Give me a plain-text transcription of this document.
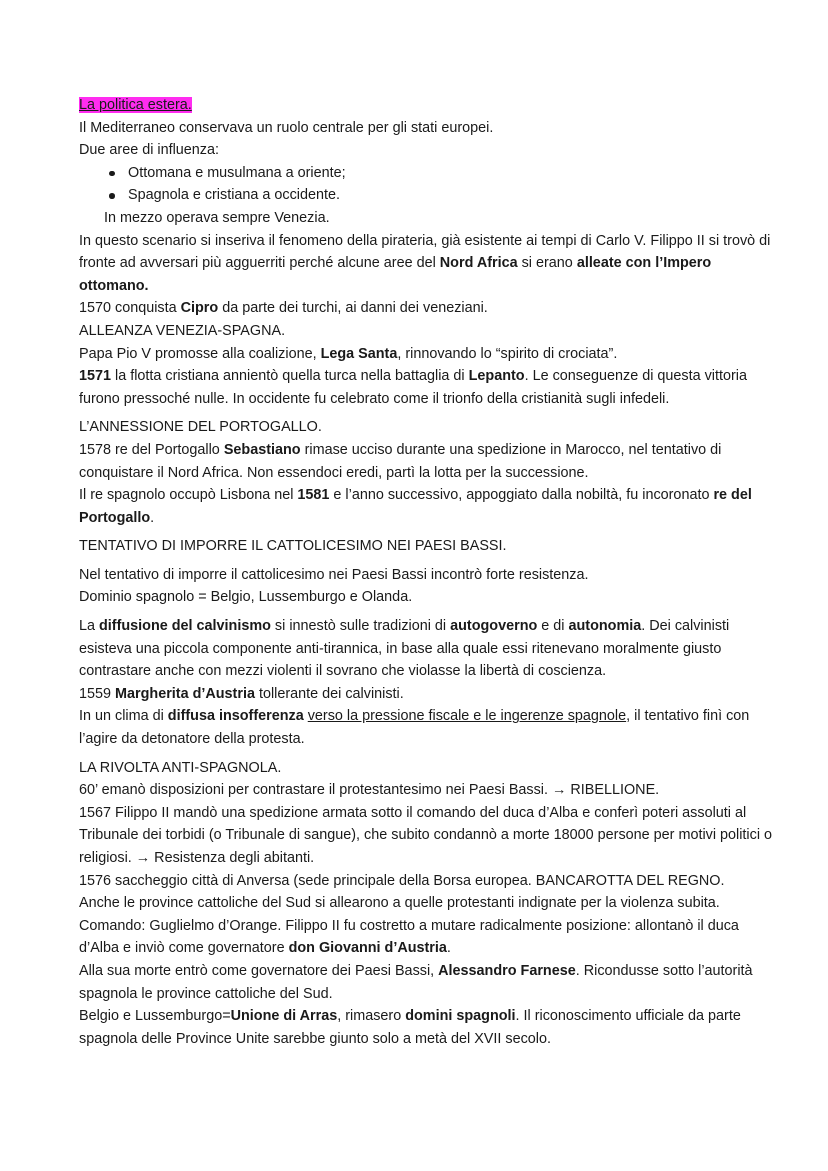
La politica estera.

Il Mediterraneo conservava un ruolo centrale per gli stati europei.

Due aree di influenza:

Ottomana e musulmana a oriente;
Spagnola e cristiana a occidente.

In mezzo operava sempre Venezia.

In questo scenario si inseriva il fenomeno della pirateria, già esistente ai tempi di Carlo V. Filippo II si trovò di fronte ad avversari più agguerriti perché alcune aree del Nord Africa si erano alleate con l’Impero ottomano.

1570 conquista Cipro da parte dei turchi, ai danni dei veneziani.

ALLEANZA VENEZIA-SPAGNA.

Papa Pio V promosse alla coalizione, Lega Santa, rinnovando lo “spirito di crociata”.

1571 la flotta cristiana annientò quella turca nella battaglia di Lepanto. Le conseguenze di questa vittoria furono pressoché nulle. In occidente fu celebrato come il trionfo della cristianità sugli infedeli.

L’ANNESSIONE DEL PORTOGALLO.

1578 re del Portogallo Sebastiano rimase ucciso durante una spedizione in Marocco, nel tentativo di conquistare il Nord Africa. Non essendoci eredi, partì la lotta per la successione.

Il re spagnolo occupò Lisbona nel 1581 e l’anno successivo, appoggiato dalla nobiltà, fu incoronato re del Portogallo.

TENTATIVO DI IMPORRE IL CATTOLICESIMO NEI PAESI BASSI.

Nel tentativo di imporre il cattolicesimo nei Paesi Bassi incontrò forte resistenza.

Dominio spagnolo = Belgio, Lussemburgo e Olanda.

La diffusione del calvinismo si innestò sulle tradizioni di autogoverno e di autonomia. Dei calvinisti esisteva una piccola componente anti-tirannica, in base alla quale essi ritenevano moralmente giusto contrastare anche con mezzi violenti il sovrano che violasse la libertà di coscienza.

1559 Margherita d’Austria tollerante dei calvinisti.

In un clima di diffusa insofferenza verso la pressione fiscale e le ingerenze spagnole, il tentativo finì con l’agire da detonatore della protesta.

LA RIVOLTA ANTI-SPAGNOLA.

60’ emanò disposizioni per contrastare il protestantesimo nei Paesi Bassi. → RIBELLIONE.

1567 Filippo II mandò una spedizione armata sotto il comando del duca d’Alba e conferì poteri assoluti al Tribunale dei torbidi (o Tribunale di sangue), che subito condannò a morte 18000 persone per motivi politici o religiosi. → Resistenza degli abitanti.

1576 saccheggio città di Anversa (sede principale della Borsa europea. BANCAROTTA DEL REGNO.

Anche le province cattoliche del Sud si allearono a quelle protestanti indignate per la violenza subita. Comando: Guglielmo d’Orange. Filippo II fu costretto a mutare radicalmente posizione: allontanò il duca d’Alba e inviò come governatore don Giovanni d’Austria.

Alla sua morte entrò come governatore dei Paesi Bassi, Alessandro Farnese. Ricondusse sotto l’autorità spagnola le province cattoliche del Sud.

Belgio e Lussemburgo=Unione di Arras, rimasero domini spagnoli. Il riconoscimento ufficiale da parte spagnola delle Province Unite sarebbe giunto solo a metà del XVII secolo.
